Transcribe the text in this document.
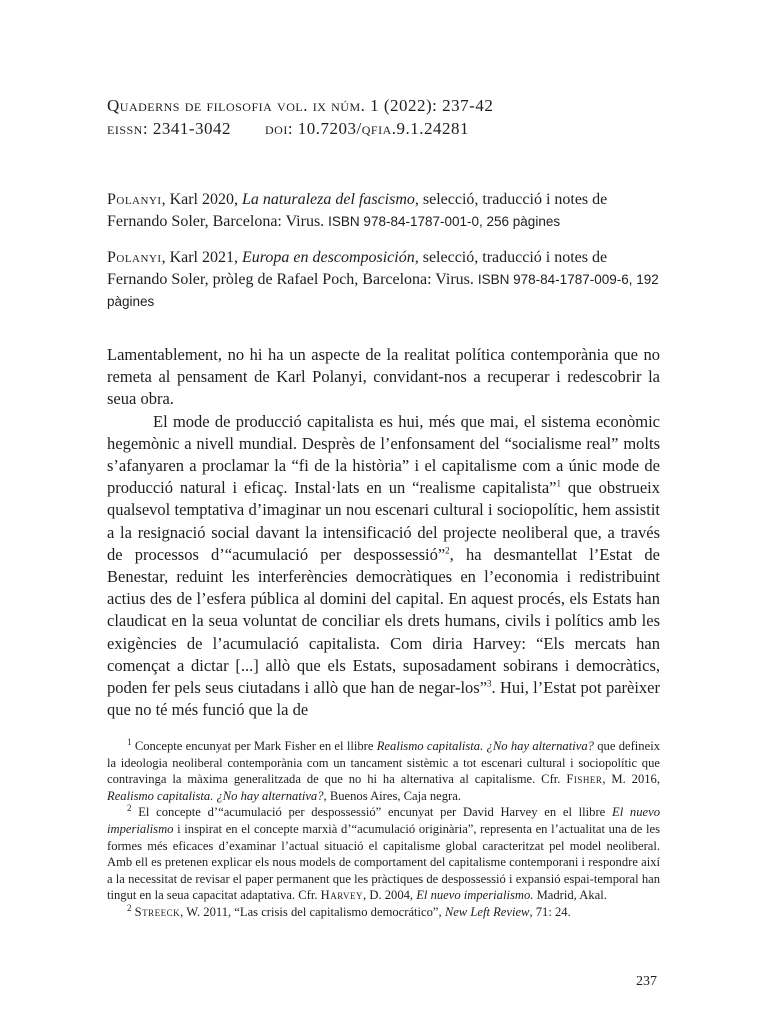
Quaderns de filosofia vol. ix núm. 1 (2022): 237-42
eissn: 2341-3042 doi: 10.7203/qfia.9.1.24281

Polanyi, Karl 2020, La naturaleza del fascismo, selecció, traducció i notes de Fernando Soler, Barcelona: Virus. ISBN 978-84-1787-001-0, 256 pàgines

Polanyi, Karl 2021, Europa en descomposición, selecció, traducció i notes de Fernando Soler, pròleg de Rafael Poch, Barcelona: Virus. ISBN 978-84-1787-009-6, 192 pàgines

Lamentablement, no hi ha un aspecte de la realitat política contemporània que no remeta al pensament de Karl Polanyi, convidant-nos a recuperar i redescobrir la seua obra.

El mode de producció capitalista es hui, més que mai, el sistema econòmic hegemònic a nivell mundial. Desprès de l’enfonsament del “socialisme real” molts s’afanyaren a proclamar la “fi de la història” i el capitalisme com a únic mode de producció natural i eficaç. Instal·lats en un “realisme capitalista”$^1$ que obstrueix qualsevol temptativa d’imaginar un nou escenari cultural i sociopolític, hem assistit a la resignació social davant la intensificació del projecte neoliberal que, a través de processos d’“acumulació per despossessió”$^2$, ha desmantellat l’Estat de Benestar, reduint les interferències democràtiques en l’economia i redistribuint actius des de l’esfera pública al domini del capital. En aquest procés, els Estats han claudicat en la seua voluntat de conciliar els drets humans, civils i polítics amb les exigències de l’acumulació capitalista. Com diria Harvey: “Els mercats han començat a dictar [...] allò que els Estats, suposadament sobirans i democràtics, poden fer pels seus ciutadans i allò que han de negar-los”$^3$. Hui, l’Estat pot parèixer que no té més funció que la de

$^1$ Concepte encunyat per Mark Fisher en el llibre Realismo capitalista. ¿No hay alternativa? que defineix la ideologia neoliberal contemporània com un tancament sistèmic a tot escenari cultural i sociopolític que contravinga la màxima generalitzada de que no hi ha alternativa al capitalisme. Cfr. Fisher, M. 2016, Realismo capitalista. ¿No hay alternativa?, Buenos Aires, Caja negra.

$^2$ El concepte d’“acumulació per despossessió” encunyat per David Harvey en el llibre El nuevo imperialismo i inspirat en el concepte marxià d’“acumulació originària”, representa en l’actualitat una de les formes més eficaces d’examinar l’actual situació el capitalisme global caracteritzat pel model neoliberal. Amb ell es pretenen explicar els nous models de comportament del capitalisme contemporani i respondre així a la necessitat de revisar el paper permanent que les pràctiques de despossessió i expansió espai-temporal han tingut en la seua capacitat adaptativa. Cfr. Harvey, D. 2004, El nuevo imperialismo. Madrid, Akal.

$^2$ Streeck, W. 2011, “Las crisis del capitalismo democrático”, New Left Review, 71: 24.

237
